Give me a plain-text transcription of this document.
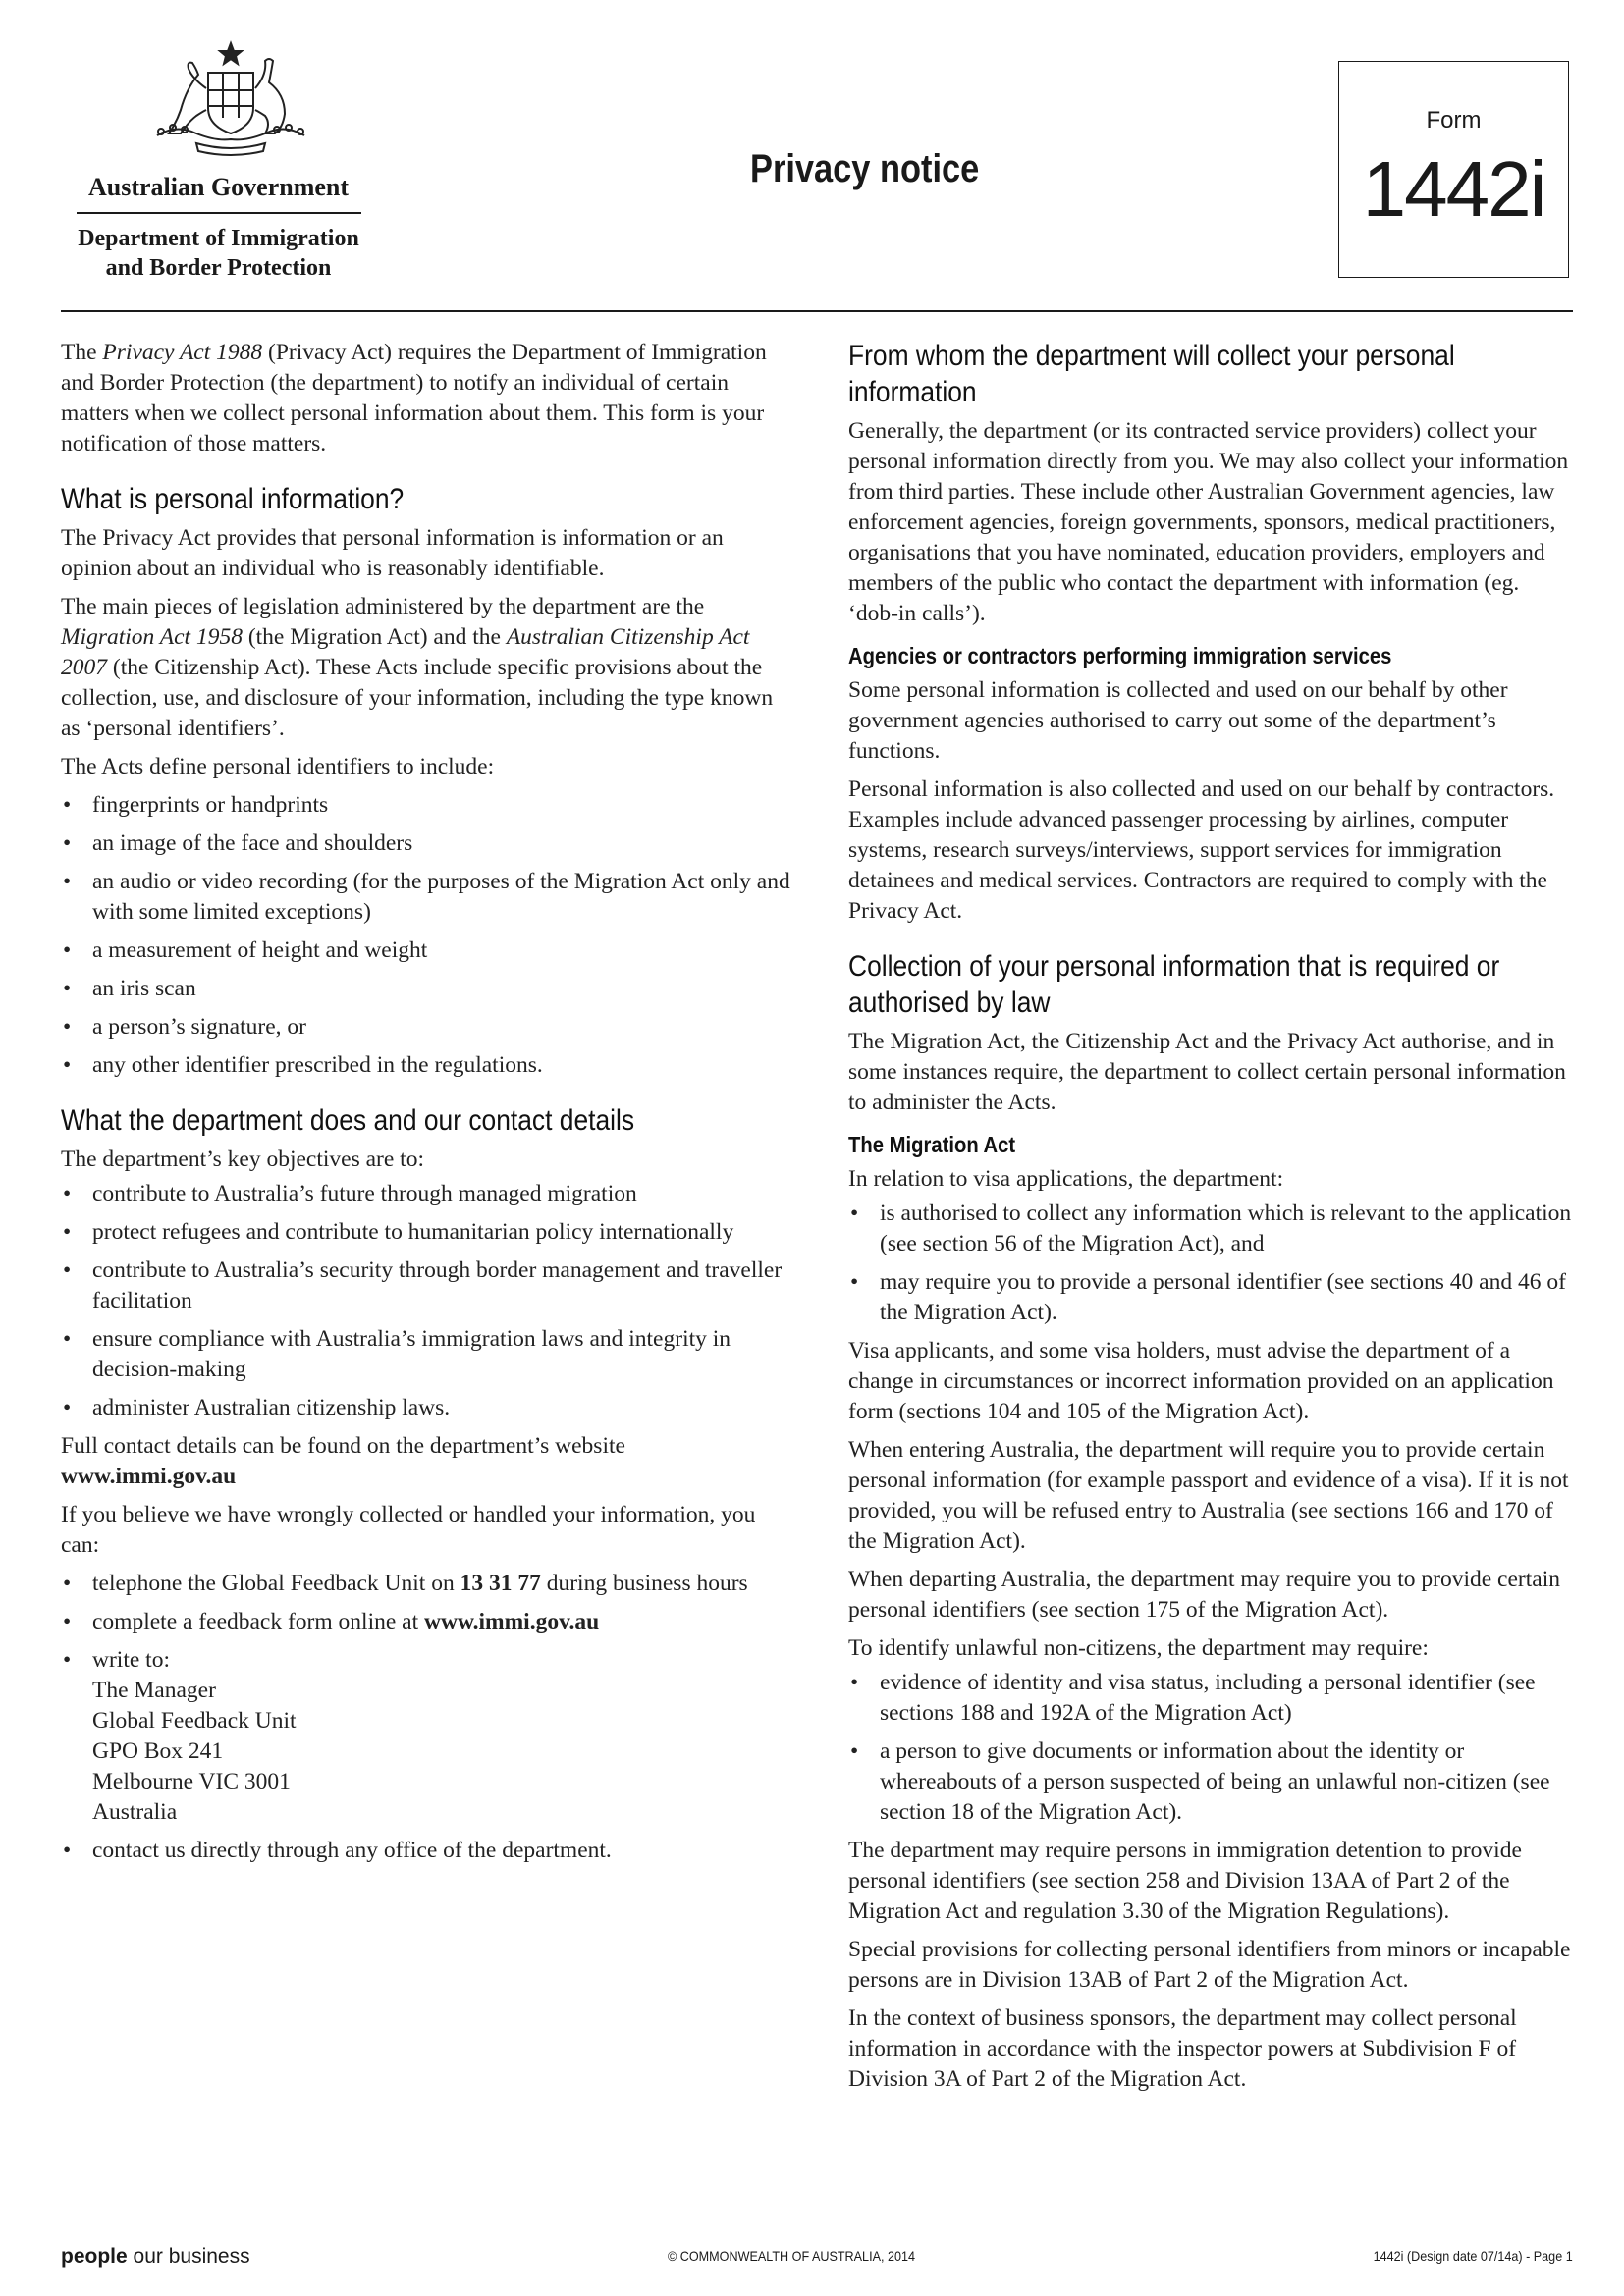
Australian Government
Department of Immigration
and Border Protection
Privacy notice
Form
1442i

The Privacy Act 1988 (Privacy Act) requires the Department of Immigration and Border Protection (the department) to notify an individual of certain matters when we collect personal information about them. This form is your notification of those matters.

What is personal information?

The Privacy Act provides that personal information is information or an opinion about an individual who is reasonably identifiable.

The main pieces of legislation administered by the department are the Migration Act 1958 (the Migration Act) and the Australian Citizenship Act 2007 (the Citizenship Act). These Acts include specific provisions about the collection, use, and disclosure of your information, including the type known as ‘personal identifiers’.

The Acts define personal identifiers to include:

• fingerprints or handprints
• an image of the face and shoulders
• an audio or video recording (for the purposes of the Migration Act only and with some limited exceptions)
• a measurement of height and weight
• an iris scan
• a person’s signature, or
• any other identifier prescribed in the regulations.
What the department does and our contact details

The department’s key objectives are to:

• contribute to Australia’s future through managed migration
• protect refugees and contribute to humanitarian policy internationally
• contribute to Australia’s security through border management and traveller facilitation
• ensure compliance with Australia’s immigration laws and integrity in decision-making
• administer Australian citizenship laws.

Full contact details can be found on the department’s website
www.immi.gov.au

If you believe we have wrongly collected or handled your information, you can:

• telephone the Global Feedback Unit on 13 31 77 during business hours
• complete a feedback form online at www.immi.gov.au
• write to:
The Manager
Global Feedback Unit
GPO Box 241
Melbourne VIC 3001
Australia
• contact us directly through any office of the department.
From whom the department will collect your personal information

Generally, the department (or its contracted service providers) collect your personal information directly from you. We may also collect your information from third parties. These include other Australian Government agencies, law enforcement agencies, foreign governments, sponsors, medical practitioners, organisations that you have nominated, education providers, employers and members of the public who contact the department with information (eg. ‘dob-in calls’).

Agencies or contractors performing immigration services

Some personal information is collected and used on our behalf by other government agencies authorised to carry out some of the department’s functions.

Personal information is also collected and used on our behalf by contractors. Examples include advanced passenger processing by airlines, computer systems, research surveys/interviews, support services for immigration detainees and medical services. Contractors are required to comply with the Privacy Act.

Collection of your personal information that is required or authorised by law

The Migration Act, the Citizenship Act and the Privacy Act authorise, and in some instances require, the department to collect certain personal information to administer the Acts.

The Migration Act

In relation to visa applications, the department:

• is authorised to collect any information which is relevant to the application (see section 56 of the Migration Act), and
• may require you to provide a personal identifier (see sections 40 and 46 of the Migration Act).

Visa applicants, and some visa holders, must advise the department of a change in circumstances or incorrect information provided on an application form (sections 104 and 105 of the Migration Act).

When entering Australia, the department will require you to provide certain personal information (for example passport and evidence of a visa). If it is not provided, you will be refused entry to Australia (see sections 166 and 170 of the Migration Act).

When departing Australia, the department may require you to provide certain personal identifiers (see section 175 of the Migration Act).

To identify unlawful non-citizens, the department may require:

• evidence of identity and visa status, including a personal identifier (see sections 188 and 192A of the Migration Act)
• a person to give documents or information about the identity or whereabouts of a person suspected of being an unlawful non-citizen (see section 18 of the Migration Act).

The department may require persons in immigration detention to provide personal identifiers (see section 258 and Division 13AA of Part 2 of the Migration Act and regulation 3.30 of the Migration Regulations).

Special provisions for collecting personal identifiers from minors or incapable persons are in Division 13AB of Part 2 of the Migration Act.

In the context of business sponsors, the department may collect personal information in accordance with the inspector powers at Subdivision F of Division 3A of Part 2 of the Migration Act.

people our business	© COMMONWEALTH OF AUSTRALIA, 2014	1442i (Design date 07/14a) - Page 1
